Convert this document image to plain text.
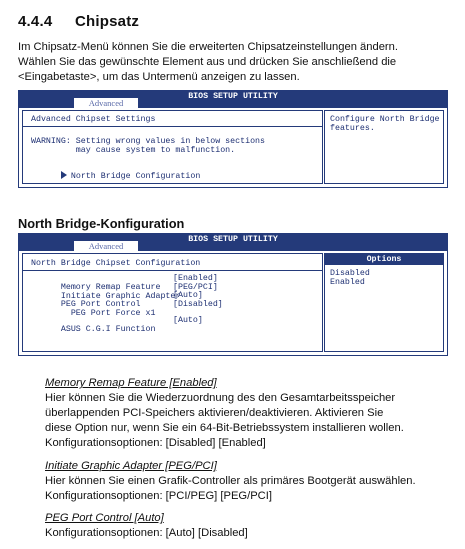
4.4.4 Chipsatz
Im Chipsatz-Menü können Sie die erweiterten Chipsatzeinstellungen ändern.
Wählen Sie das gewünschte Element aus und drücken Sie anschließend die
<Eingabetaste>, um das Untermenü anzeigen zu lassen.
BIOS SETUP UTILITY
Advanced
Advanced Chipset Settings
WARNING: Setting wrong values in below sections
may cause system to malfunction.

North Bridge Configuration

Configure North Bridge
features.
North Bridge-Konfiguration
BIOS SETUP UTILITY
Advanced
North Bridge Chipset Configuration

Memory Remap Feature

[Enabled]

Initiate Graphic Adapter

[PEG/PCI]

PEG Port Control

[Auto]

PEG Port Force x1

[Disabled]

ASUS C.G.I Function

[Auto]
Options
Disabled
Enabled
Memory Remap Feature [Enabled]
Hier können Sie die Wiederzuordnung des den Gesamtarbeitsspeicher
überlappenden PCI-Speichers aktivieren/deaktivieren. Aktivieren Sie
diese Option nur, wenn Sie ein 64-Bit-Betriebssystem installieren wollen.
Konfigurationsoptionen: [Disabled] [Enabled]
Initiate Graphic Adapter [PEG/PCI]
Hier können Sie einen Grafik-Controller als primäres Bootgerät auswählen.
Konfigurationsoptionen: [PCI/PEG] [PEG/PCI]
PEG Port Control [Auto]
Konfigurationsoptionen: [Auto] [Disabled]
